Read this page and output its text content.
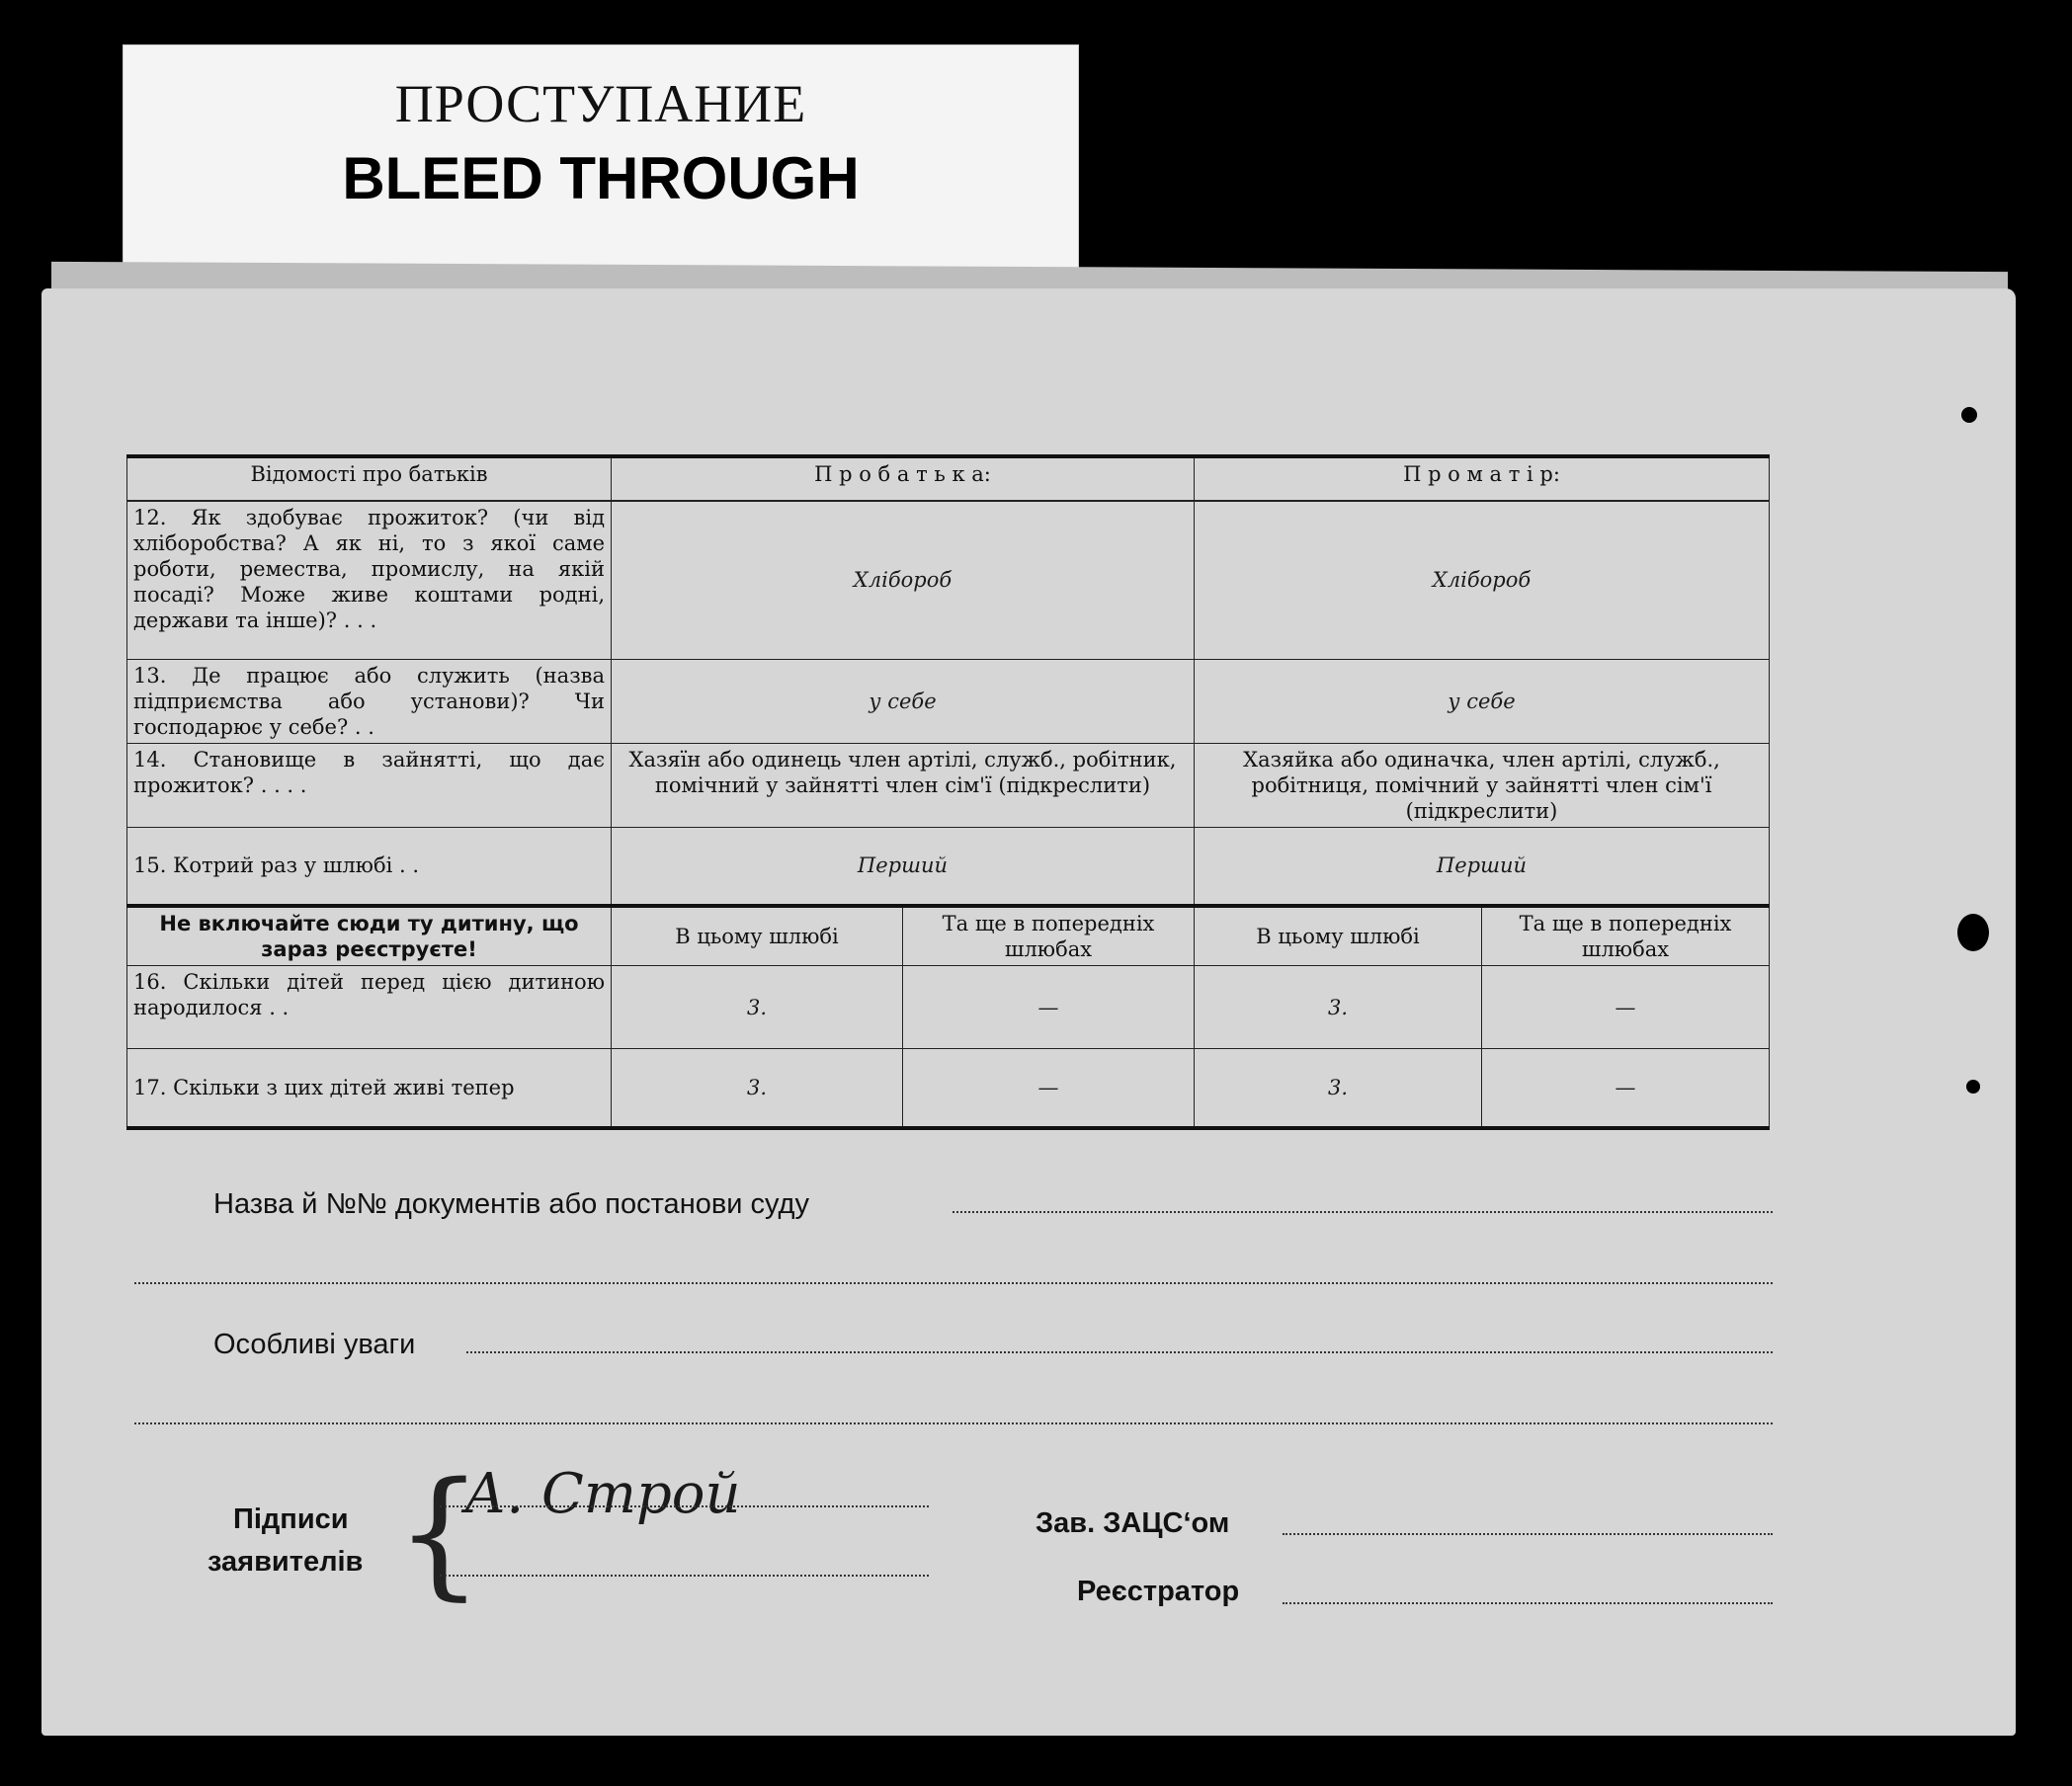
ПРОСТУПАНИЕ
BLEED THROUGH
Відомості про батьків	П р о б а т ь к а:		П р о м а т і р:	
12. Як здобуває прожиток? (чи від хліборобства? А як ні, то з якої саме роботи, ремества, промислу, на якій посаді? Може живе коштами родні, держави та інше)? . . .	Хлібороб		Хлібороб	
13. Де працює або служить (назва підприємства або установи)? Чи господарює у себе? . .	у себе		у себе	
14. Становище в зайнятті, що дає прожиток? . . . .	Хазяїн або одинець член артілі, служб., робітник, помічний у зайнятті член сім'ї (підкреслити)		Хазяйка або одиначка, член артілі, служб., робітниця, помічний у зайнятті член сім'ї (підкреслити)	
15. Котрий раз у шлюбі . .	Перший		Перший	
Не включайте сюди ту дитину, що зараз реєструєте!	В цьому шлюбі	Та ще в попередніх шлюбах	В цьому шлюбі	Та ще в попередніх шлюбах
16. Скільки дітей перед цією дитиною народилося . .	3.	—	3.	—
17. Скільки з цих дітей живі тепер	3.	—	3.	—
Назва й №№ документів або постанови суду
Особливі уваги
Підписи
заявителів {
А. Строй	Зав. ЗАЦС‘ом
Реєстратор
